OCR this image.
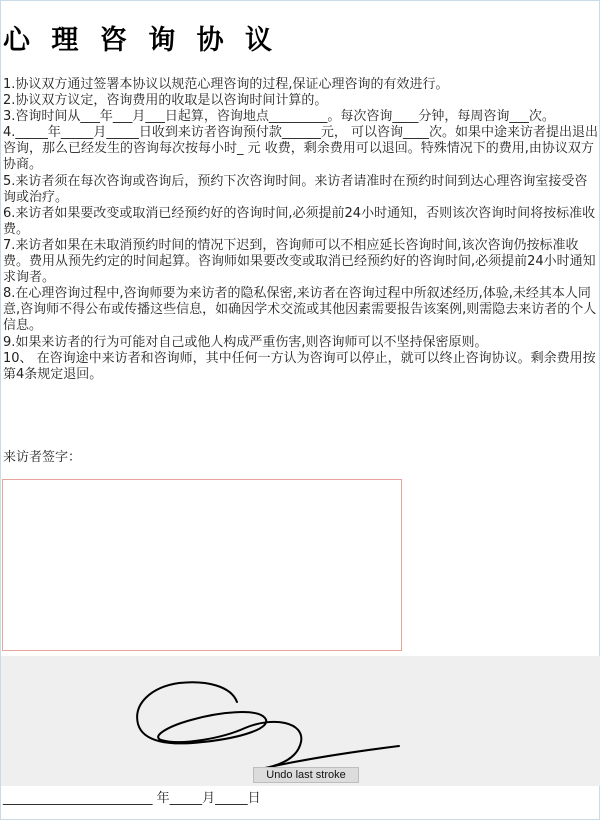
心 理 咨 询 协 议

1.协议双方通过签署本协议以规范心理咨询的过程,保证心理咨询的有效进行。

2.协议双方议定，咨询费用的收取是以咨询时间计算的。

3.咨询时间从___年___月___日起算，咨询地点_________。每次咨询____分钟，每周咨询___次。

4._____年_____月_____日收到来访者咨询预付款______元， 可以咨询____次。如果中途来访者提出退出咨询，那么已经发生的咨询每次按每小时_ 元 收费，剩余费用可以退回。特殊情况下的费用,由协议双方协商。

5.来访者须在每次咨询或咨询后，预约下次咨询时间。来访者请准时在预约时间到达心理咨询室接受咨询或治疗。

6.来访者如果要改变或取消已经预约好的咨询时间,必须提前24小时通知，否则该次咨询时间将按标准收费。

7.来访者如果在未取消预约时间的情况下迟到，咨询师可以不相应延长咨询时间,该次咨询仍按标准收费。费用从预先约定的时间起算。咨询师如果要改变或取消已经预约好的咨询时间,必须提前24小时通知求询者。

8.在心理咨询过程中,咨询师要为来访者的隐私保密,来访者在咨询过程中所叙述经历,体验,未经其本人同意,咨询师不得公布或传播这些信息，如确因学术交流或其他因素需要报告该案例,则需隐去来访者的个人信息。

9.如果来访者的行为可能对自己或他人构成严重伤害,则咨询师可以不坚持保密原则。

10、 在咨询途中来访者和咨询师，其中任何一方认为咨询可以停止，就可以终止咨询协议。剩余费用按第4条规定退回。

来访者签字：
Undo last stroke
_______________________ 年_____月_____日
